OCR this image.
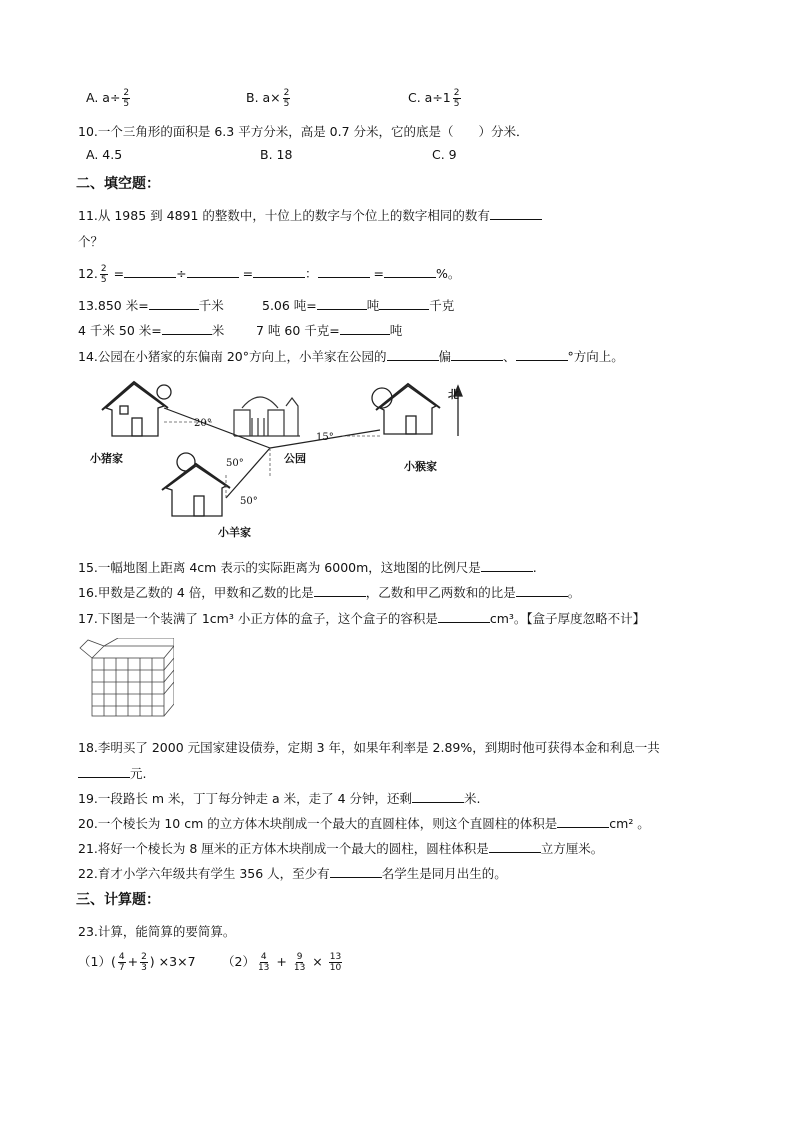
A. $a\div \frac{2}{5}$	B. $a\times \frac{2}{5}$	C. $a\div 1 \frac{2}{5}$
10.一个三角形的面积是 6.3 平方分米，高是 0.7 分米，它的底是（　　）分米．
A. 4.5	B. 18	C. 9
二、填空题：
11.从 1985 到 4891 的整数中，十位上的数字与个位上的数字相同的数有
个？
12. $\frac{2}{5}$ =	÷	=	：	=	%。
13.850 米=	千米	5.06 吨=	吨	千克
4 千米 50 米=	米	7 吨 60 千克=	吨
14.公园在小猪家的东偏南 20°方向上，小羊家在公园的	偏	、	°方向上。
北
20°
15°
50°
50°
小猪家	公园
小猴家
小羊家
15.一幅地图上距离 4cm 表示的实际距离为 6000m，这地图的比例尺是	.
16.甲数是乙数的 4 倍，甲数和乙数的比是	，乙数和甲乙两数和的比是	。
17.下图是一个装满了 1cm³ 小正方体的盒子，这个盒子的容积是	cm³。【盒子厚度忽略不计】
18.李明买了 2000 元国家建设债券，定期 3 年，如果年利率是 2.89%，到期时他可获得本金和利息一共
元.
19.一段路长 m 米，丁丁每分钟走 a 米，走了 4 分钟，还剩	米.
20.一个棱长为 10 cm 的立方体木块削成一个最大的直圆柱体，则这个直圆柱的体积是	cm² 。
21.将好一个棱长为 8 厘米的正方体木块削成一个最大的圆柱，圆柱体积是	立方厘米。
22.育才小学六年级共有学生 356 人，至少有	名学生是同月出生的。
三、计算题：
23.计算，能简算的要简算。
$(1)( \frac{4}{7} + \frac{2}{3}$ ) ×3×7 $(2) \frac{4}{13} + \frac{9}{13} \times \frac{13}{10}$
